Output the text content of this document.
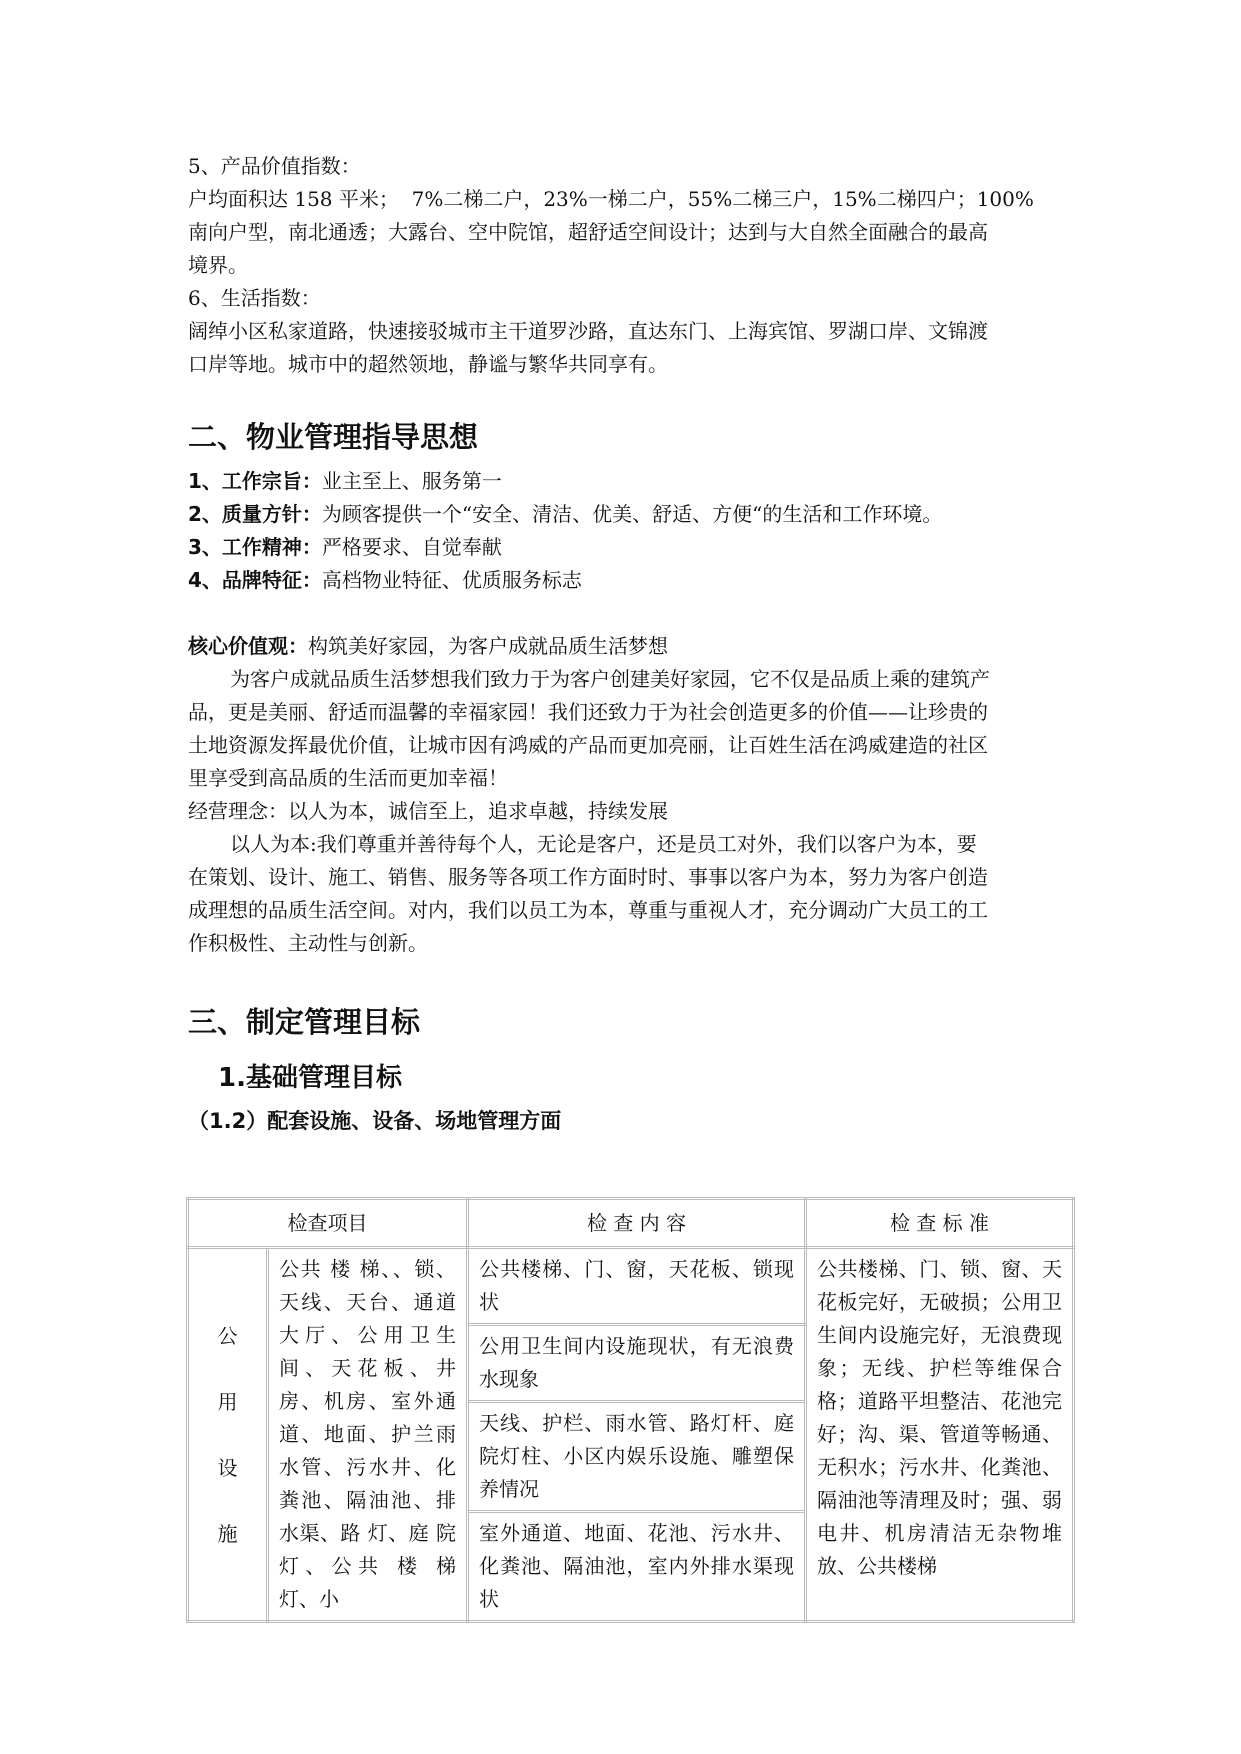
5、产品价值指数：

户均面积达 158 平米；  7%二梯二户，23%一梯二户，55%二梯三户，15%二梯四户；100%

南向户型，南北通透；大露台、空中院馆，超舒适空间设计；达到与大自然全面融合的最高

境界。

6、生活指数：

阔绰小区私家道路，快速接驳城市主干道罗沙路，直达东门、上海宾馆、罗湖口岸、文锦渡

口岸等地。城市中的超然领地，静谧与繁华共同享有。

二、物业管理指导思想

1、工作宗旨：业主至上、服务第一

2、质量方针：为顾客提供一个“安全、清洁、优美、舒适、方便“的生活和工作环境。

3、工作精神：严格要求、自觉奉献

4、品牌特征：高档物业特征、优质服务标志

核心价值观：构筑美好家园，为客户成就品质生活梦想

为客户成就品质生活梦想我们致力于为客户创建美好家园，它不仅是品质上乘的建筑产

品，更是美丽、舒适而温馨的幸福家园！我们还致力于为社会创造更多的价值——让珍贵的

土地资源发挥最优价值，让城市因有鸿威的产品而更加亮丽，让百姓生活在鸿威建造的社区

里享受到高品质的生活而更加幸福！

经营理念：以人为本，诚信至上，追求卓越，持续发展

以人为本:我们尊重并善待每个人，无论是客户，还是员工对外，我们以客户为本，要

在策划、设计、施工、销售、服务等各项工作方面时时、事事以客户为本，努力为客户创造

成理想的品质生活空间。对内，我们以员工为本，尊重与重视人才，充分调动广大员工的工

作积极性、主动性与创新。

三、制定管理目标

1.基础管理目标

（1.2）配套设施、设备、场地管理方面

检查项目		检 查 内 容	检 查 标 准

公
用
设
施	公共 楼 梯、、锁、天线、天台、通道大厅、公用卫生间、天花板、井房、机房、室外通道、地面、护兰雨水管、污水井、化粪池、隔油池、排水渠、路 灯、庭 院 灯、公共 楼 梯 灯、小	公共楼梯、门、窗，天花板、锁现状	公共楼梯、门、锁、窗、天花板完好，无破损；公用卫生间内设施完好，无浪费现象；无线、护栏等维保合格；道路平坦整洁、花池完好；沟、渠、管道等畅通、无积水；污水井、化粪池、隔油池等清理及时；强、弱电井、机房清洁无杂物堆放、公共楼梯
		公用卫生间内设施现状，有无浪费水现象	
		天线、护栏、雨水管、路灯杆、庭院灯柱、小区内娱乐设施、雕塑保养情况	
		室外通道、地面、花池、污水井、化粪池、隔油池，室内外排水渠现状	
